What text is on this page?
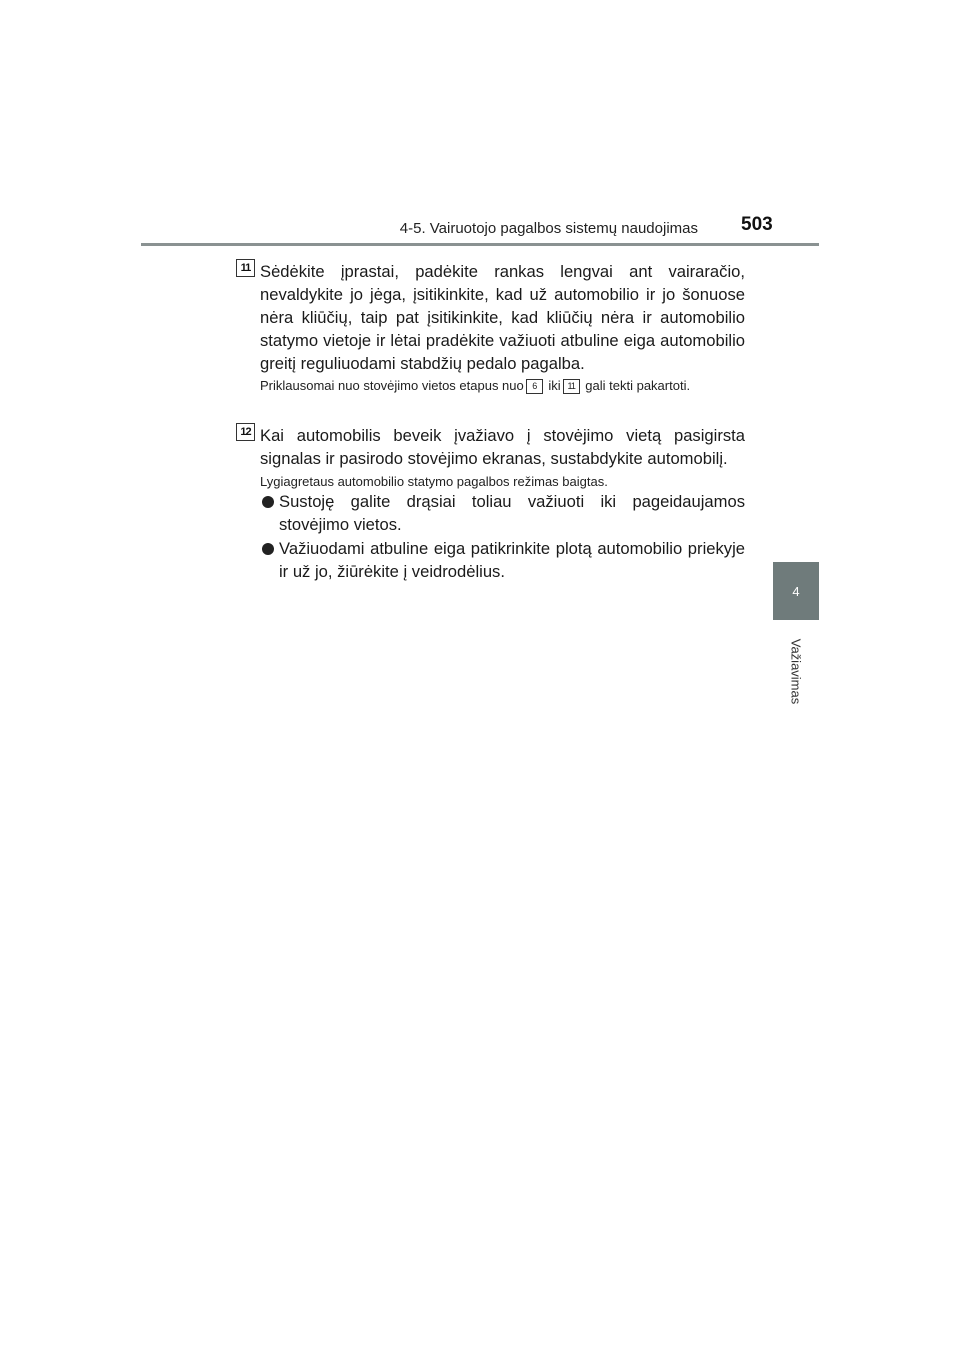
4-5. Vairuotojo pagalbos sistemų naudojimas 503
4
Važiavimas
11 Sėdėkite įprastai, padėkite rankas lengvai ant vairaračio, nevaldykite jo jėga, įsitikinkite, kad už automobilio ir jo šonuose nėra kliūčių, taip pat įsitikinkite, kad kliūčių nėra ir automobilio statymo vietoje ir lėtai pradėkite važiuoti atbuline eiga automobilio greitį reguliuodami stabdžių pedalo pagalba.
Priklausomai nuo stovėjimo vietos etapus nuo 6 iki 11 gali tekti pakartoti.
12 Kai automobilis beveik įvažiavo į stovėjimo vietą pasigirsta signalas ir pasirodo stovėjimo ekranas, sustabdykite automobilį.
Lygiagretaus automobilio statymo pagalbos režimas baigtas.
Sustoję galite drąsiai toliau važiuoti iki pageidaujamos stovėjimo vietos.
Važiuodami atbuline eiga patikrinkite plotą automobilio priekyje ir už jo, žiūrėkite į veidrodėlius.
